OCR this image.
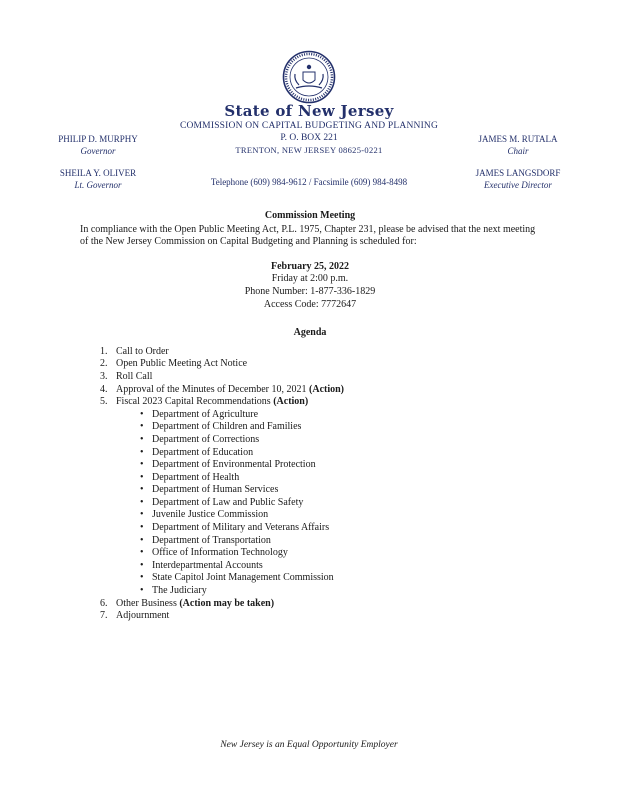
State of New Jersey
COMMISSION ON CAPITAL BUDGETING AND PLANNING
P. O. BOX 221
TRENTON, NEW JERSEY 08625-0221
Telephone (609) 984-9612 / Facsimile (609) 984-8498
PHILIP D. MURPHY
Governor
SHEILA Y. OLIVER
Lt. Governor
JAMES M. RUTALA
Chair
JAMES LANGSDORF
Executive Director
Commission Meeting
In compliance with the Open Public Meeting Act, P.L. 1975, Chapter 231, please be advised that the next meeting of the New Jersey Commission on Capital Budgeting and Planning is scheduled for:
February 25, 2022
Friday at 2:00 p.m.
Phone Number: 1-877-336-1829
Access Code: 7772647
Agenda
1. Call to Order
2. Open Public Meeting Act Notice
3. Roll Call
4. Approval of the Minutes of December 10, 2021 (Action)
5. Fiscal 2023 Capital Recommendations (Action)
• Department of Agriculture
• Department of Children and Families
• Department of Corrections
• Department of Education
• Department of Environmental Protection
• Department of Health
• Department of Human Services
• Department of Law and Public Safety
• Juvenile Justice Commission
• Department of Military and Veterans Affairs
• Department of Transportation
• Office of Information Technology
• Interdepartmental Accounts
• State Capitol Joint Management Commission
• The Judiciary
6. Other Business (Action may be taken)
7. Adjournment
New Jersey is an Equal Opportunity Employer
